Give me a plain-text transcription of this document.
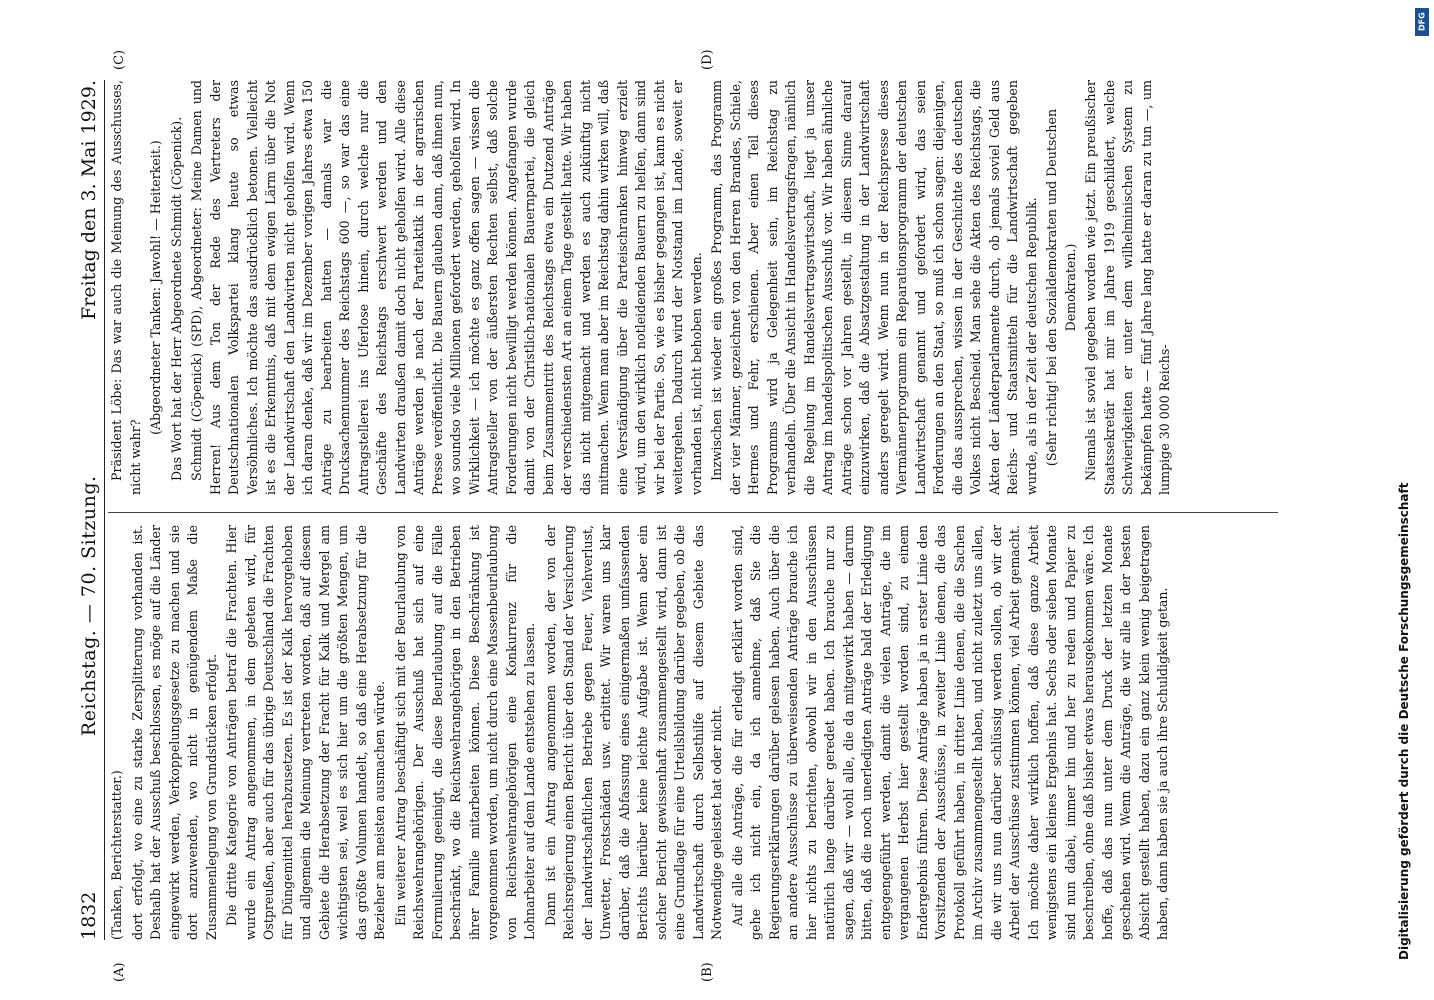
1832
Reichstag. — 70. Sitzung.
Freitag den 3. Mai 1929.
(A)	(B)
(C)	(D)

(Tanken, Berichterstatter.) dort erfolgt, wo eine zu starke Zersplitterung vorhanden ist. Deshalb hat der Ausschuß beschlossen, es möge auf die Länder eingewirkt werden, Verkoppelungsgesetze zu machen und sie dort anzuwenden, wo nicht in genügendem Maße die Zusammenlegung von Grundstücken erfolgt. Die dritte Kategorie von Anträgen betraf die Frachten. Hier wurde ein Antrag angenommen, in dem gebeten wird, für Ostpreußen, aber auch für das übrige Deutschland die Frachten für Düngemittel herabzusetzen. Es ist der Kalk hervorgehoben und allgemein die Meinung vertreten worden, daß auf diesem Gebiete die Herabsetzung der Fracht für Kalk und Mergel am wichtigsten sei, weil es sich hier um die größten Mengen, um das größte Volumen handelt, so daß eine Herabsetzung für die Bezieher am meisten ausmachen würde. Ein weiterer Antrag beschäftigt sich mit der Beurlaubung von Reichswehrangehörigen. Der Ausschuß hat sich auf eine Formulierung geeinigt, die diese Beurlaubung auf die Fälle beschränkt, wo die Reichswehrangehörigen in den Betrieben ihrer Familie mitarbeiten können. Diese Beschränkung ist vorgenommen worden, um nicht durch eine Massenbeurlaubung von Reichswehrangehörigen eine Konkurrenz für die Lohnarbeiter auf dem Lande entstehen zu lassen. Dann ist ein Antrag angenommen worden, der von der Reichsregierung einen Bericht über den Stand der Versicherung der landwirtschaftlichen Betriebe gegen Feuer, Viehverlust, Unwetter, Frostschäden usw. erbittet. Wir waren uns klar darüber, daß die Abfassung eines einigermaßen umfassenden Berichts hierüber keine leichte Aufgabe ist. Wenn aber ein solcher Bericht gewissenhaft zusammengestellt wird, dann ist eine Grundlage für eine Urteilsbildung darüber gegeben, ob die Landwirtschaft durch Selbsthilfe auf diesem Gebiete das Notwendige geleistet hat oder nicht. Auf alle die Anträge, die für erledigt erklärt worden sind, gehe ich nicht ein, da ich annehme, daß Sie die Regierungserklärungen darüber gelesen haben. Auch über die an andere Ausschüsse zu überweisenden Anträge brauche ich hier nichts zu berichten, obwohl wir in den Ausschüssen natürlich lange darüber geredet haben. Ich brauche nur zu sagen, daß wir — wohl alle, die da mitgewirkt haben — darum bitten, daß die noch unerledigten Anträge bald der Erledigung entgegengeführt werden, damit die vielen Anträge, die im vergangenen Herbst hier gestellt worden sind, zu einem Endergebnis führen. Diese Anträge haben ja in erster Linie den Vorsitzenden der Ausschüsse, in zweiter Linie denen, die das Protokoll geführt haben, in dritter Linie denen, die die Sachen im Archiv zusammengestellt haben, und nicht zuletzt uns allen, die wir uns nun darüber schlüssig werden sollen, ob wir der Arbeit der Ausschüsse zustimmen können, viel Arbeit gemacht. Ich möchte daher wirklich hoffen, daß diese ganze Arbeit wenigstens ein kleines Ergebnis hat. Sechs oder sieben Monate sind nun dabei, immer hin und her zu reden und Papier zu beschreiben, ohne daß bisher etwas herausgekommen wäre. Ich hoffe, daß das nun unter dem Druck der letzten Monate geschehen wird. Wenn die Anträge, die wir alle in der besten Absicht gestellt haben, dazu ein ganz klein wenig beigetragen haben, dann haben sie ja auch ihre Schuldigkeit getan.

Präsident Löbe: Das war auch die Meinung des Ausschusses, nicht wahr?

(Abgeordneter Tanken: Jawohl! — Heiterkeit.) Das Wort hat der Herr Abgeordnete Schmidt (Cöpenick). Schmidt (Cöpenick) (SPD), Abgeordneter: Meine Damen und Herren! Aus dem Ton der Rede des Vertreters der Deutschnationalen Volkspartei klang heute so etwas Versöhnliches. Ich möchte das ausdrücklich betonen. Vielleicht ist es die Erkenntnis, daß mit dem ewigen Lärm über die Not der Landwirtschaft den Landwirten nicht geholfen wird. Wenn ich daran denke, daß wir im Dezember vorigen Jahres etwa 150 Anträge zu bearbeiten hatten — damals war die Drucksachennummer des Reichstags 600 —, so war das eine Antragstellerei ins Uferlose hinein, durch welche nur die Geschäfte des Reichstags erschwert werden und den Landwirten draußen damit doch nicht geholfen wird. Alle diese Anträge werden je nach der Parteitaktik in der agrarischen Presse veröffentlicht. Die Bauern glauben dann, daß ihnen nun, wo soundso viele Millionen gefordert werden, geholfen wird. In Wirklichkeit — ich möchte es ganz offen sagen — wissen die Antragsteller von der äußersten Rechten selbst, daß solche Forderungen nicht bewilligt werden können. Angefangen wurde damit von der Christlich-nationalen Bauernpartei, die gleich beim Zusammentritt des Reichstags etwa ein Dutzend Anträge der verschiedensten Art an einem Tage gestellt hatte. Wir haben das nicht mitgemacht und werden es auch zukünftig nicht mitmachen. Wenn man aber im Reichstag dahin wirken will, daß eine Verständigung über die Parteischranken hinweg erzielt wird, um den wirklich notleidenden Bauern zu helfen, dann sind wir bei der Partie. So, wie es bisher gegangen ist, kann es nicht weitergehen. Dadurch wird der Notstand im Lande, soweit er vorhanden ist, nicht behoben werden. Inzwischen ist wieder ein großes Programm, das Programm der vier Männer, gezeichnet von den Herren Brandes, Schiele, Hermes und Fehr, erschienen. Aber einen Teil dieses Programms wird ja Gelegenheit sein, im Reichstag zu verhandeln. Über die Ansicht in Handelsvertragsfragen, nämlich die Regelung im Handelsvertragswirtschaft, liegt ja unser Antrag im handelspolitischen Ausschuß vor. Wir haben ähnliche Anträge schon vor Jahren gestellt, in diesem Sinne darauf einzuwirken, daß die Absatzgestaltung in der Landwirtschaft anders geregelt wird. Wenn nun in der Reichspresse dieses Viermännerprogramm ein Reparationsprogramm der deutschen Landwirtschaft genannt und gefordert wird, das seien Forderungen an den Staat, so muß ich schon sagen: diejenigen, die das aussprechen, wissen in der Geschichte des deutschen Volkes nicht Bescheid. Man sehe die Akten des Reichstags, die Akten der Länderparlamente durch, ob jemals soviel Geld aus Reichs- und Staatsmitteln für die Landwirtschaft gegeben wurde, als in der Zeit der deutschen Republik. (Sehr richtig! bei den Sozialdemokraten und Deutschen Demokraten.) Niemals ist soviel gegeben worden wie jetzt. Ein preußischer Staatssekretär hat mir im Jahre 1919 geschildert, welche Schwierigkeiten er unter dem wilhelminischen System zu bekämpfen hatte — fünf Jahre lang hatte er daran zu tun —, um lumpige 30 000 Reichs-

Digitalisierung gefördert durch die Deutsche Forschungsgemeinschaft
DFG
